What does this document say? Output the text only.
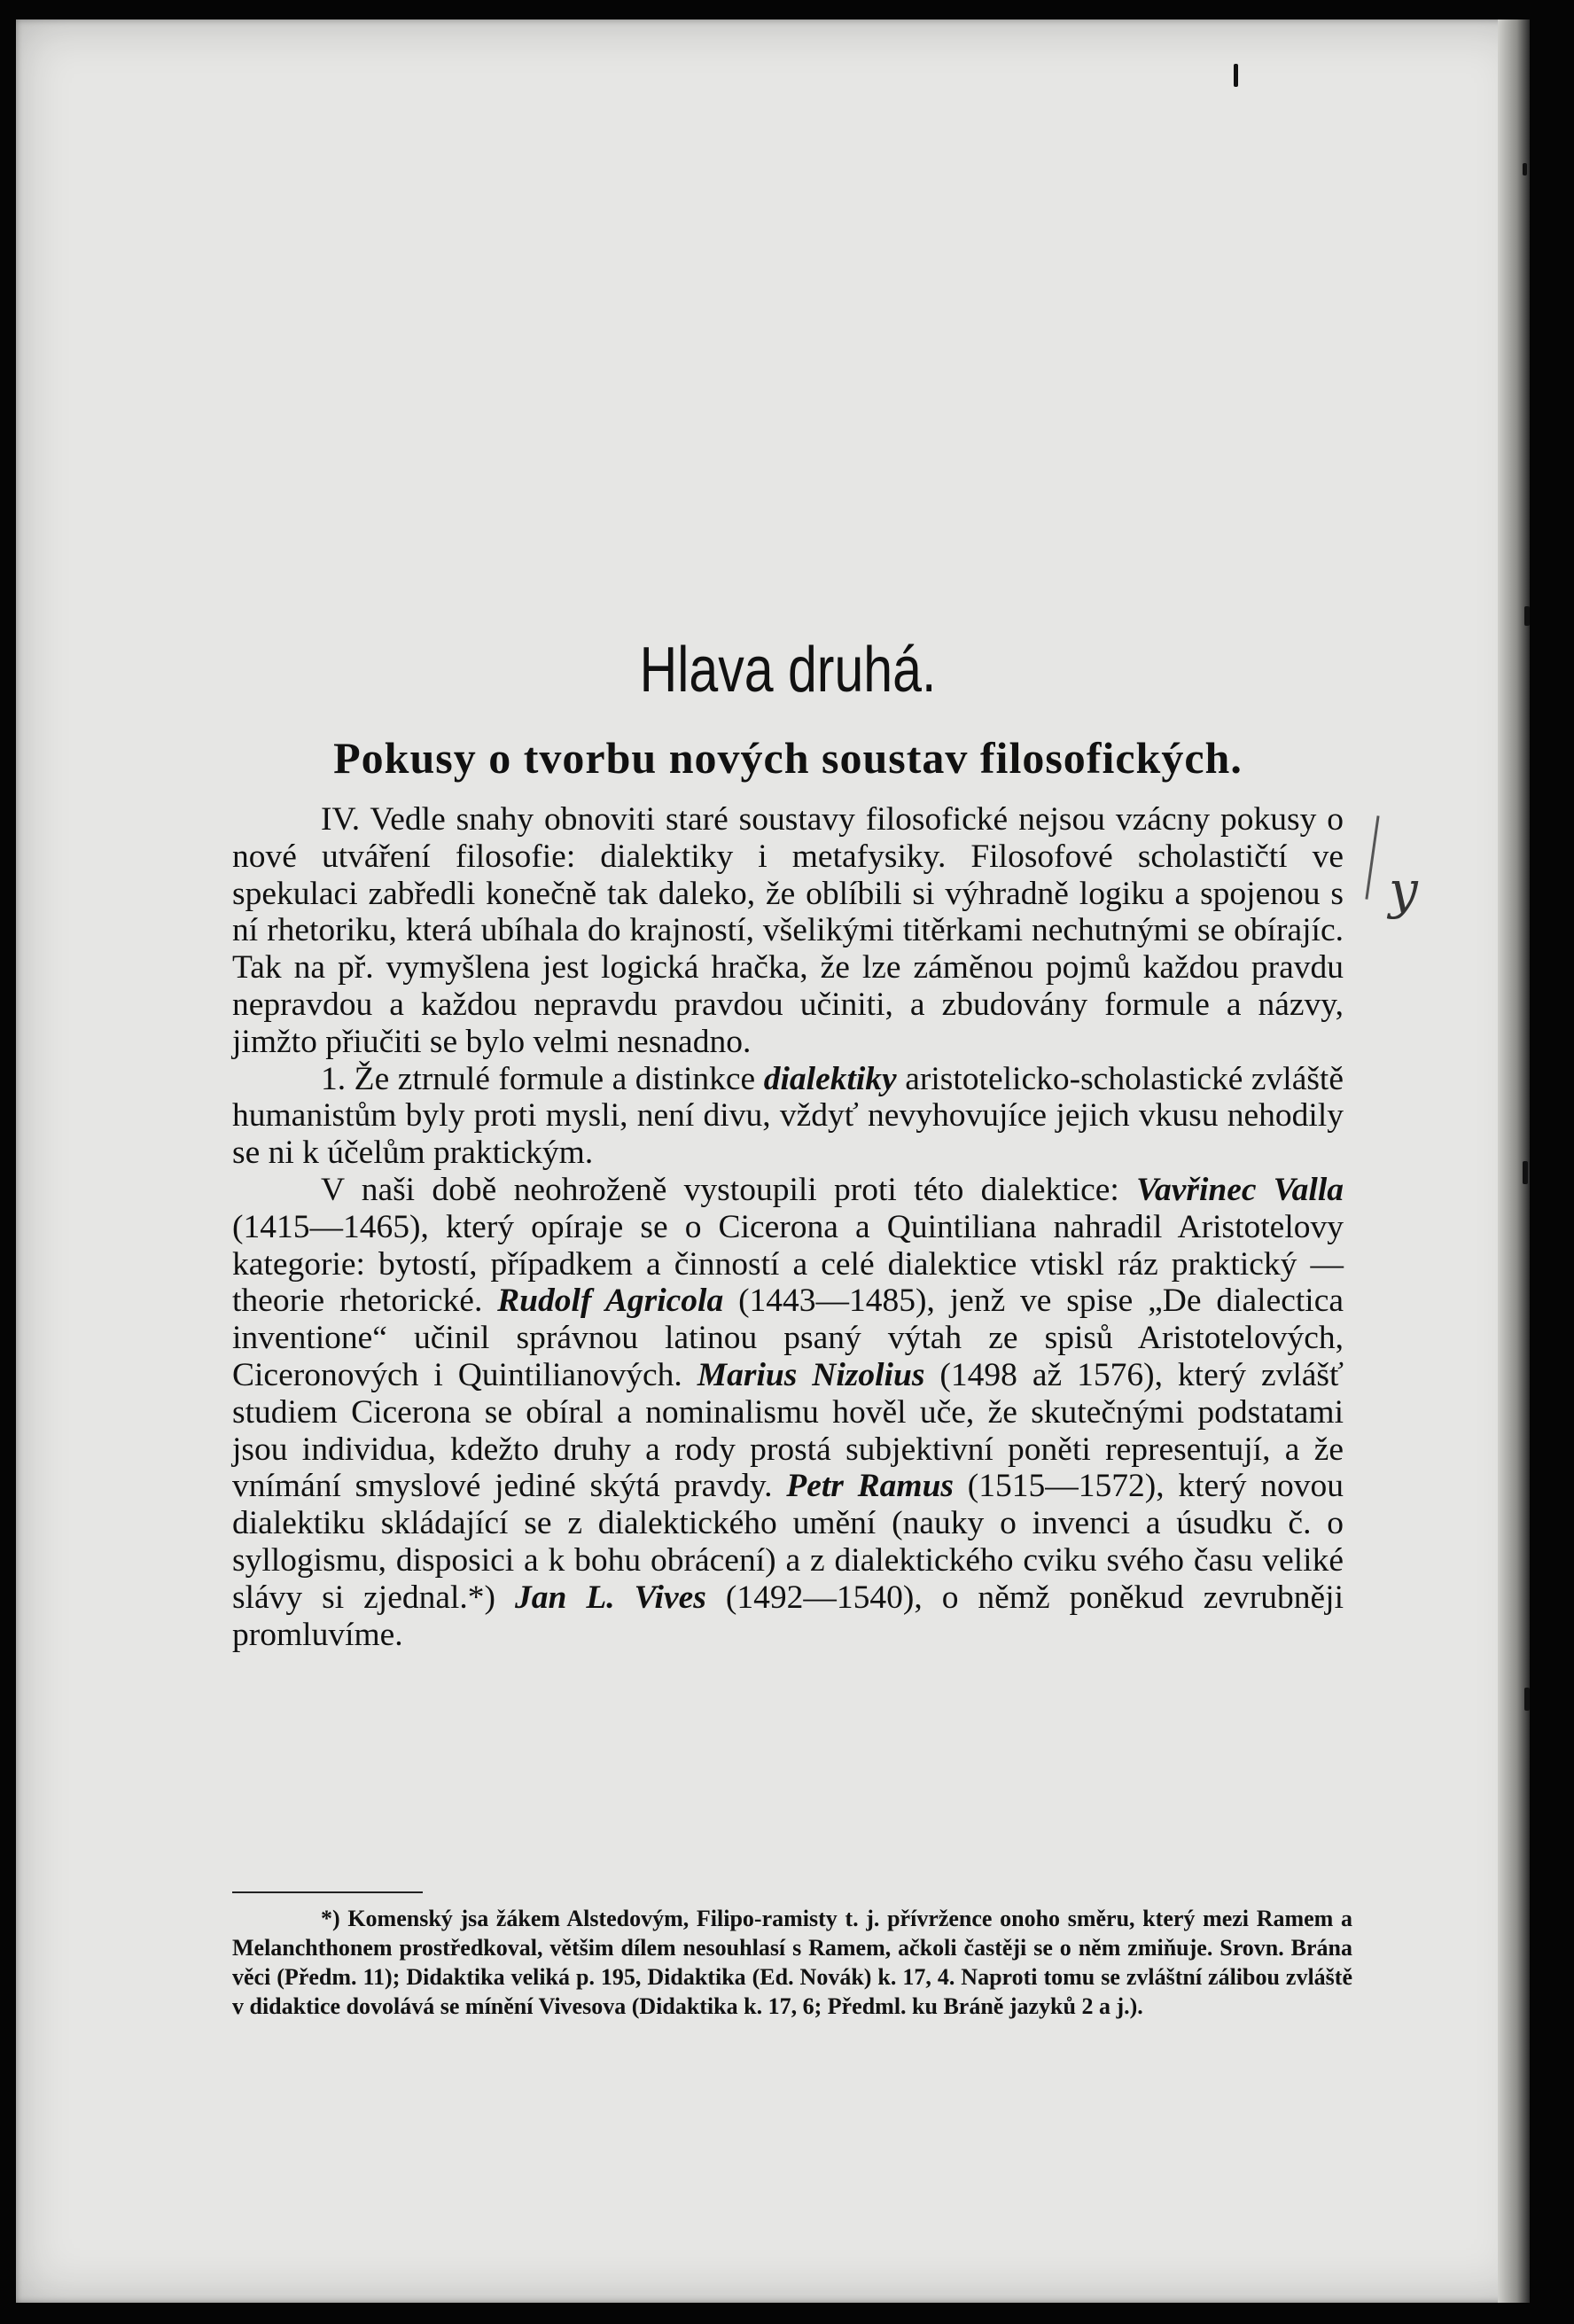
y
Hlava druhá.
Pokusy o tvorbu nových soustav filosofických.

IV. Vedle snahy obnoviti staré soustavy filosofické nejsou vzácny pokusy o nové utváření filosofie: dialektiky i metafysiky. Filosofové scholastičtí ve spekulaci zabředli konečně tak daleko, že oblíbili si výhradně logiku a spojenou s ní rhetoriku, která ubíhala do krajností, všelikými titěrkami nechutnými se obírajíc. Tak na př. vymyšlena jest logická hračka, že lze záměnou pojmů každou pravdu nepravdou a každou nepravdu pravdou učiniti, a zbudovány formule a názvy, jimžto přiučiti se bylo velmi nesnadno.

1. Že ztrnulé formule a distinkce dialektiky aristotelicko-scholastické zvláště humanistům byly proti mysli, není divu, vždyť nevyhovujíce jejich vkusu nehodily se ni k účelům praktickým.

V naši době neohroženě vystoupili proti této dialektice: Vavřinec Valla (1415—1465), který opíraje se o Cicerona a Quintiliana nahradil Aristotelovy kategorie: bytostí, případkem a činností a celé dialektice vtiskl ráz praktický — theorie rhetorické. Rudolf Agricola (1443—1485), jenž ve spise „De dialectica inventione“ učinil správnou latinou psaný výtah ze spisů Aristotelových, Ciceronových i Quintilianových. Marius Nizolius (1498 až 1576), který zvlášť studiem Cicerona se obíral a nominalismu hověl uče, že skutečnými podstatami jsou individua, kdežto druhy a rody prostá subjektivní poněti representují, a že vnímání smyslové jediné skýtá pravdy. Petr Ramus (1515—1572), který novou dialektiku skládající se z dialektického umění (nauky o invenci a úsudku č. o syllogismu, disposici a k bohu obrácení) a z dialektického cviku svého času veliké slávy si zjednal.*) Jan L. Vives (1492—1540), o němž poněkud zevrubněji promluvíme.

*) Komenský jsa žákem Alstedovým, Filipo-ramisty t. j. přívržence onoho směru, který mezi Ramem a Melanchthonem prostředkoval, většim dílem nesouhlasí s Ramem, ačkoli častěji se o něm zmiňuje. Srovn. Brána věci (Předm. 11); Didaktika veliká p. 195, Didaktika (Ed. Novák) k. 17, 4. Naproti tomu se zvláštní zálibou zvláště v didaktice dovolává se mínění Vivesova (Didaktika k. 17, 6; Předml. ku Bráně jazyků 2 a j.).
